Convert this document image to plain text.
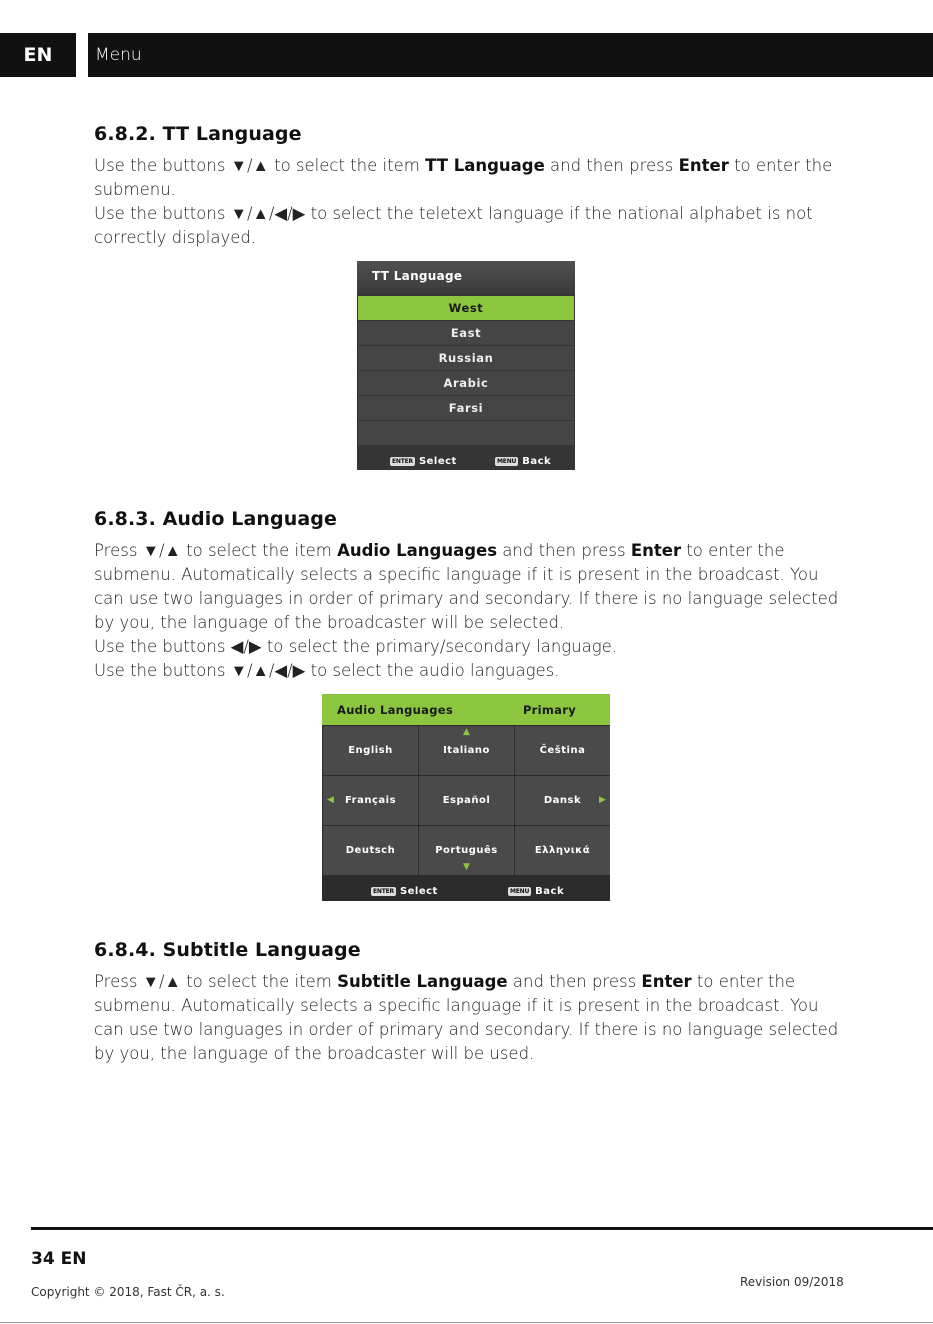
EN	Menu
6.8.2. TT Language
Use the buttons ▼/▲ to select the item TT Language and then press Enter to enter the
submenu.
Use the buttons ▼/▲/◀/▶ to select the teletext language if the national alphabet is not
correctly displayed.
TT Language
West
East
Russian
Arabic
Farsi
ENTER Select	MENU Back
6.8.3. Audio Language
Press ▼/▲ to select the item Audio Languages and then press Enter to enter the
submenu. Automatically selects a specific language if it is present in the broadcast. You
can use two languages in order of primary and secondary. If there is no language selected
by you, the language of the broadcaster will be selected.
Use the buttons ◀/▶ to select the primary/secondary language.
Use the buttons ▼/▲/◀/▶ to select the audio languages.
Audio Languages	Primary
English	Italiano	Čeština
Français	Español	Dansk
Deutsch	Português	Ελληνικά
▲
▼
◀	▶
ENTER Select	MENU Back
6.8.4. Subtitle Language
Press ▼/▲ to select the item Subtitle Language and then press Enter to enter the
submenu. Automatically selects a specific language if it is present in the broadcast. You
can use two languages in order of primary and secondary. If there is no language selected
by you, the language of the broadcaster will be used.
34 EN
Copyright © 2018, Fast ČR, a. s.
Revision 09/2018
